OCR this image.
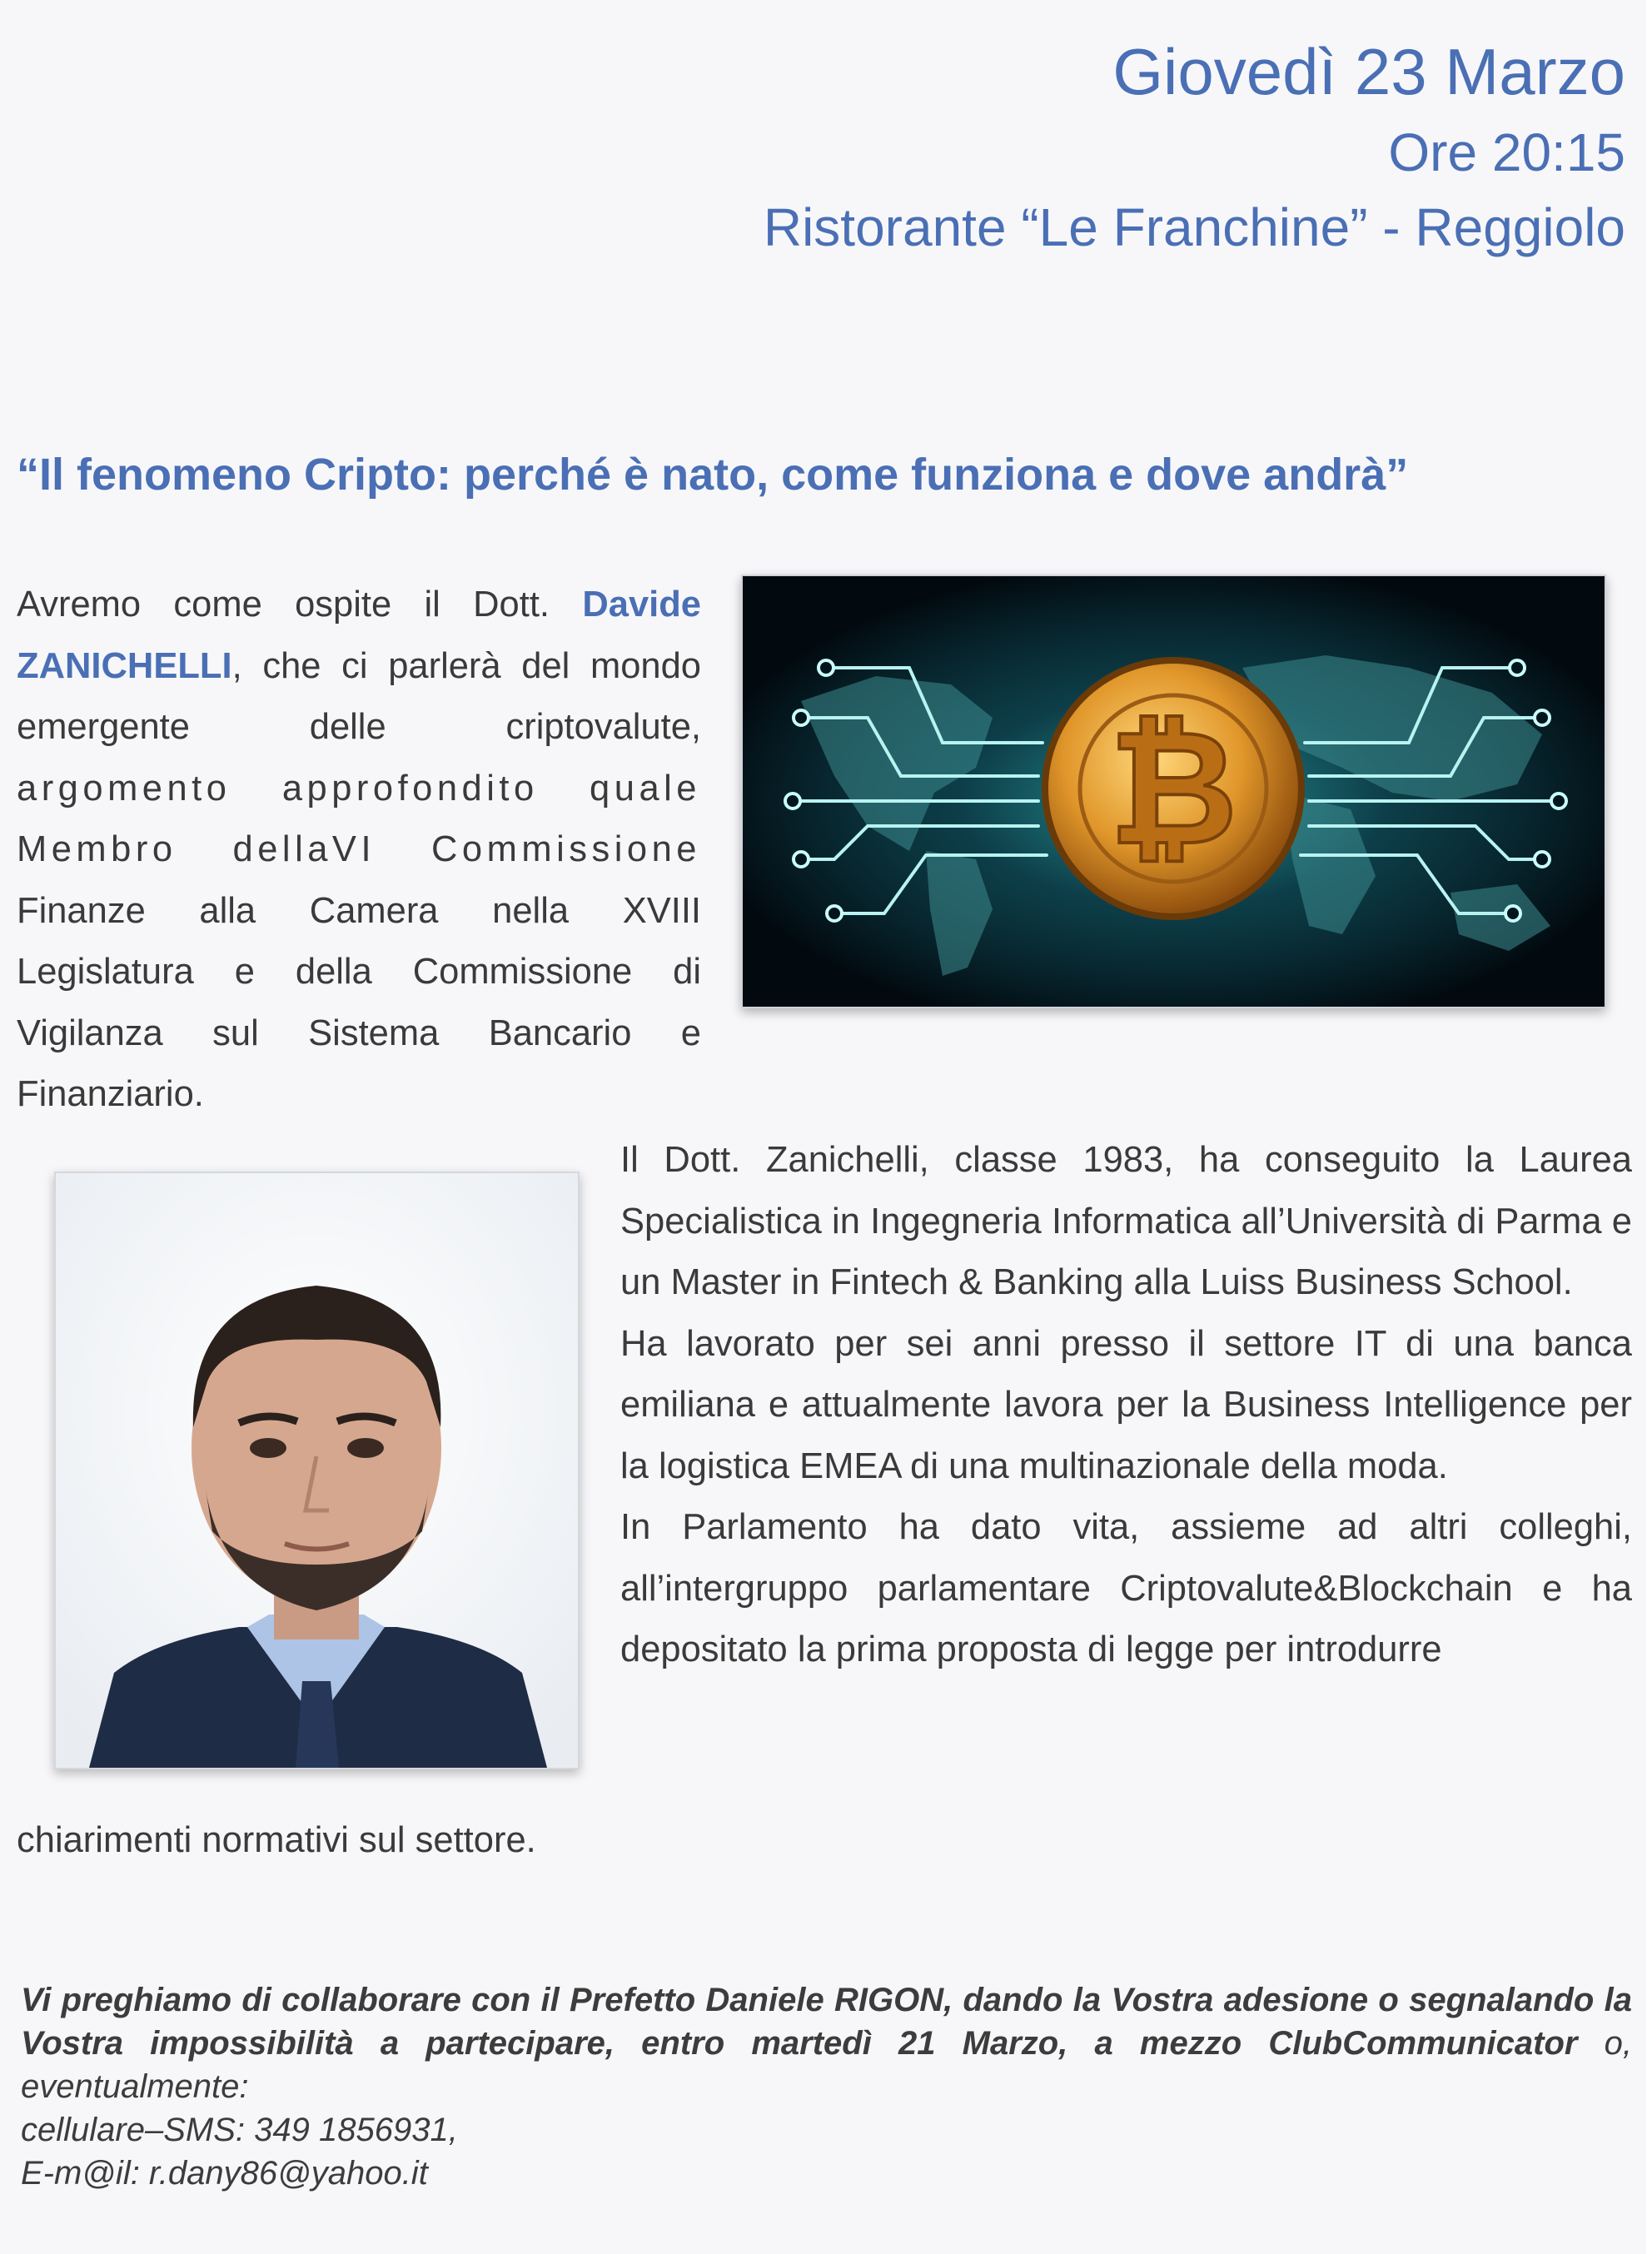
Giovedì 23 Marzo
Ore 20:15
Ristorante “Le Franchine” - Reggiolo
“Il fenomeno Cripto: perché è nato, come funziona e dove andrà”
Avremo come ospite il Dott. Davide ZANICHELLI, che ci parlerà del mondo emergente delle criptovalute, argomento approfondito quale Membro dellaVI Commissione Finanze alla Camera nella XVIII Legislatura e della Commissione di Vigilanza sul Sistema Bancario e Finanziario.
₿
Il Dott. Zanichelli, classe 1983, ha conseguito la Laurea Specialistica in Ingegneria Informatica all’Università di Parma e un Master in Fintech & Banking alla Luiss Business School.
Ha lavorato per sei anni presso il settore IT di una banca emiliana e attualmente lavora per la Business Intelligence per la logistica EMEA di una multinazionale della moda.
In Parlamento ha dato vita, assieme ad altri colleghi, all’intergruppo parlamentare Criptovalute&Blockchain e ha depositato la prima proposta di legge per introdurre
chiarimenti normativi sul settore.
Vi preghiamo di collaborare con il Prefetto Daniele RIGON, dando la Vostra adesione o segnalando la Vostra impossibilità a partecipare, entro martedì 21 Marzo, a mezzo ClubCommunicator o, eventualmente:
cellulare–SMS: 349 1856931,
E-m@il: r.dany86@yahoo.it
